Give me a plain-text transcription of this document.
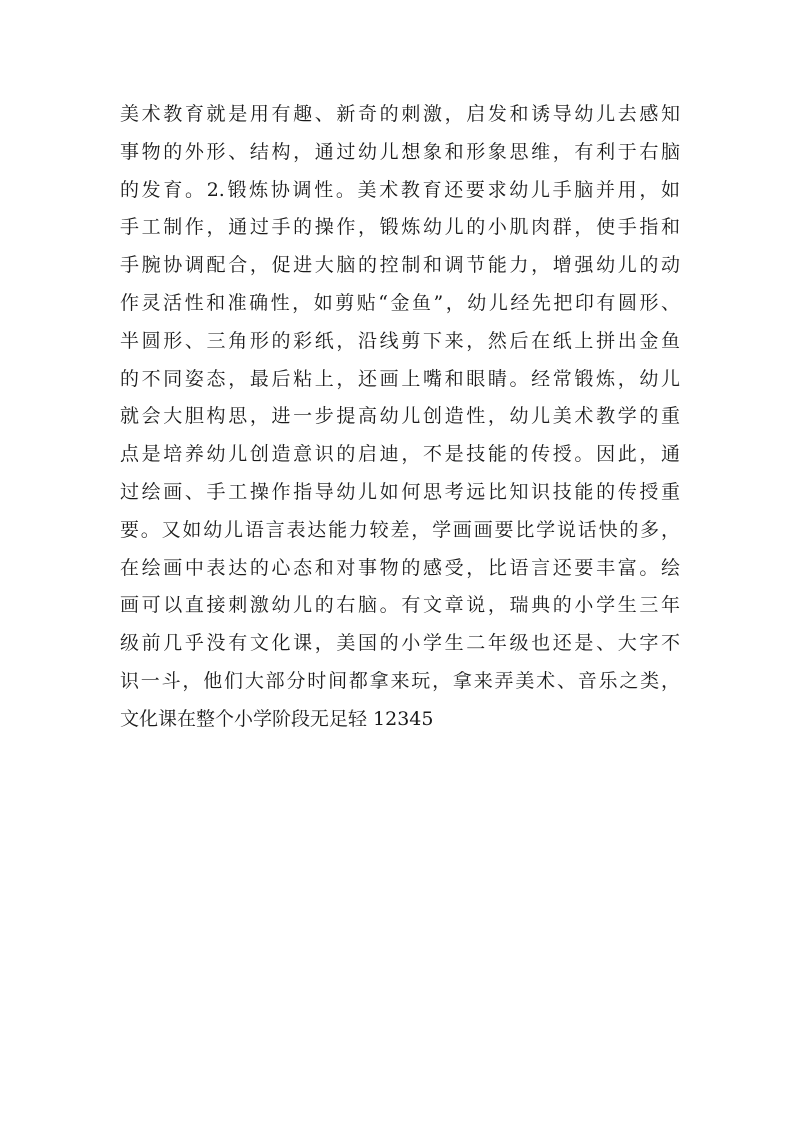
美术教育就是用有趣、新奇的刺激，启发和诱导幼儿去感知
事物的外形、结构，通过幼儿想象和形象思维，有利于右脑
的发育。2.锻炼协调性。美术教育还要求幼儿手脑并用，如
手工制作，通过手的操作，锻炼幼儿的小肌肉群，使手指和
手腕协调配合，促进大脑的控制和调节能力，增强幼儿的动
作灵活性和准确性，如剪贴“金鱼”，幼儿经先把印有圆形、
半圆形、三角形的彩纸，沿线剪下来，然后在纸上拼出金鱼
的不同姿态，最后粘上，还画上嘴和眼睛。经常锻炼，幼儿
就会大胆构思，进一步提高幼儿创造性，幼儿美术教学的重
点是培养幼儿创造意识的启迪，不是技能的传授。因此，通
过绘画、手工操作指导幼儿如何思考远比知识技能的传授重
要。又如幼儿语言表达能力较差，学画画要比学说话快的多，
在绘画中表达的心态和对事物的感受，比语言还要丰富。绘
画可以直接刺激幼儿的右脑。有文章说，瑞典的小学生三年
级前几乎没有文化课，美国的小学生二年级也还是、大字不
识一斗，他们大部分时间都拿来玩，拿来弄美术、音乐之类，
文化课在整个小学阶段无足轻 12345
